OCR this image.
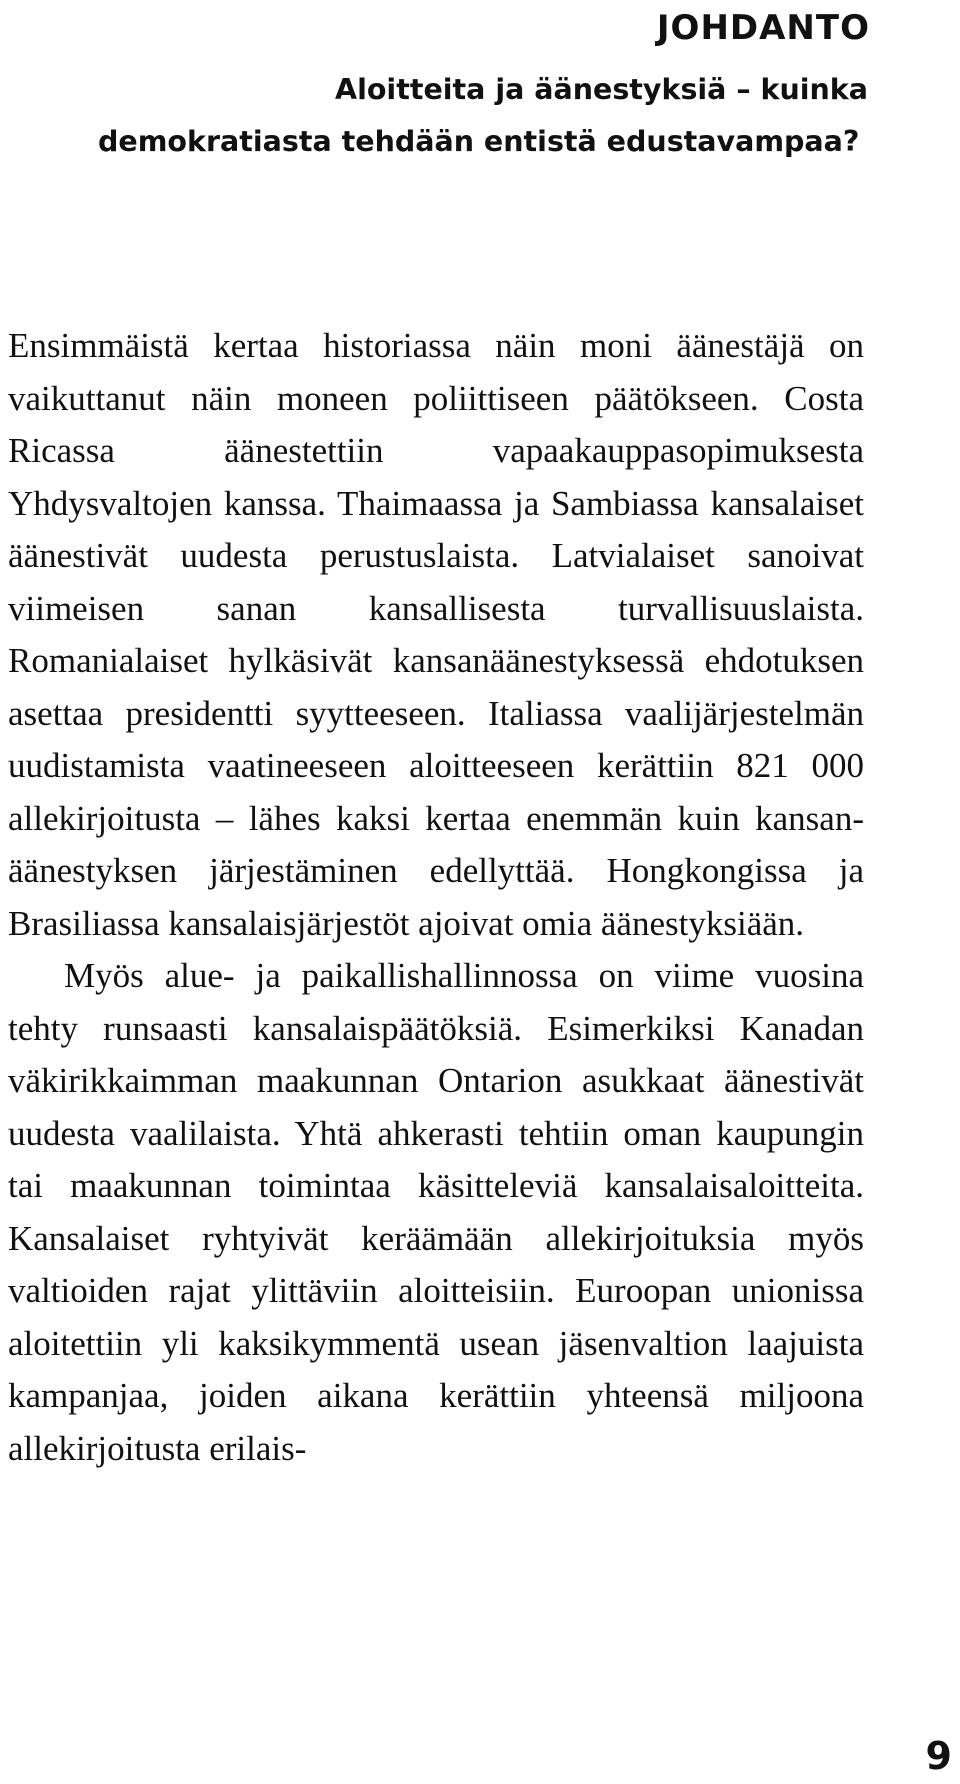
JOHDANTO
Aloitteita ja äänestyksiä – kuinka
demokratiasta tehdään entistä edustavampaa?

Ensimmäistä kertaa historiassa näin moni äänestäjä on vaikuttanut näin moneen poliittiseen päätökseen. Costa Ricassa äänestettiin vapaakauppasopimuksesta Yhdysvaltojen kanssa. Thaimaassa ja Sambiassa kansalaiset äänestivät uudesta perustuslaista. Latvialaiset sanoivat viimeisen sanan kansallisesta turvallisuuslaista. Romanialaiset hylkäsivät kansanäänestyksessä ehdotuksen asettaa presidentti syytteeseen. Italiassa vaalijärjestelmän uudistamista vaatineeseen aloitteeseen kerättiin 821 000 allekirjoitusta – lähes kaksi kertaa enemmän kuin kansanäänestyksen järjestäminen edellyttää. Hongkongissa ja Brasiliassa kansalaisjärjestöt ajoivat omia äänestyksiään.

Myös alue- ja paikallishallinnossa on viime vuosina tehty runsaasti kansalaispäätöksiä. Esimerkiksi Kanadan väkirikkaimman maakunnan Ontarion asukkaat äänestivät uudesta vaalilaista. Yhtä ahkerasti tehtiin oman kaupungin tai maakunnan toimintaa käsitteleviä kansalaisaloitteita. Kansalaiset ryhtyivät keräämään allekirjoituksia myös valtioiden rajat ylittäviin aloitteisiin. Euroopan unionissa aloitettiin yli kaksikymmentä usean jäsenvaltion laajuista kampanjaa, joiden aikana kerättiin yhteensä miljoona allekirjoitusta erilais-

9
